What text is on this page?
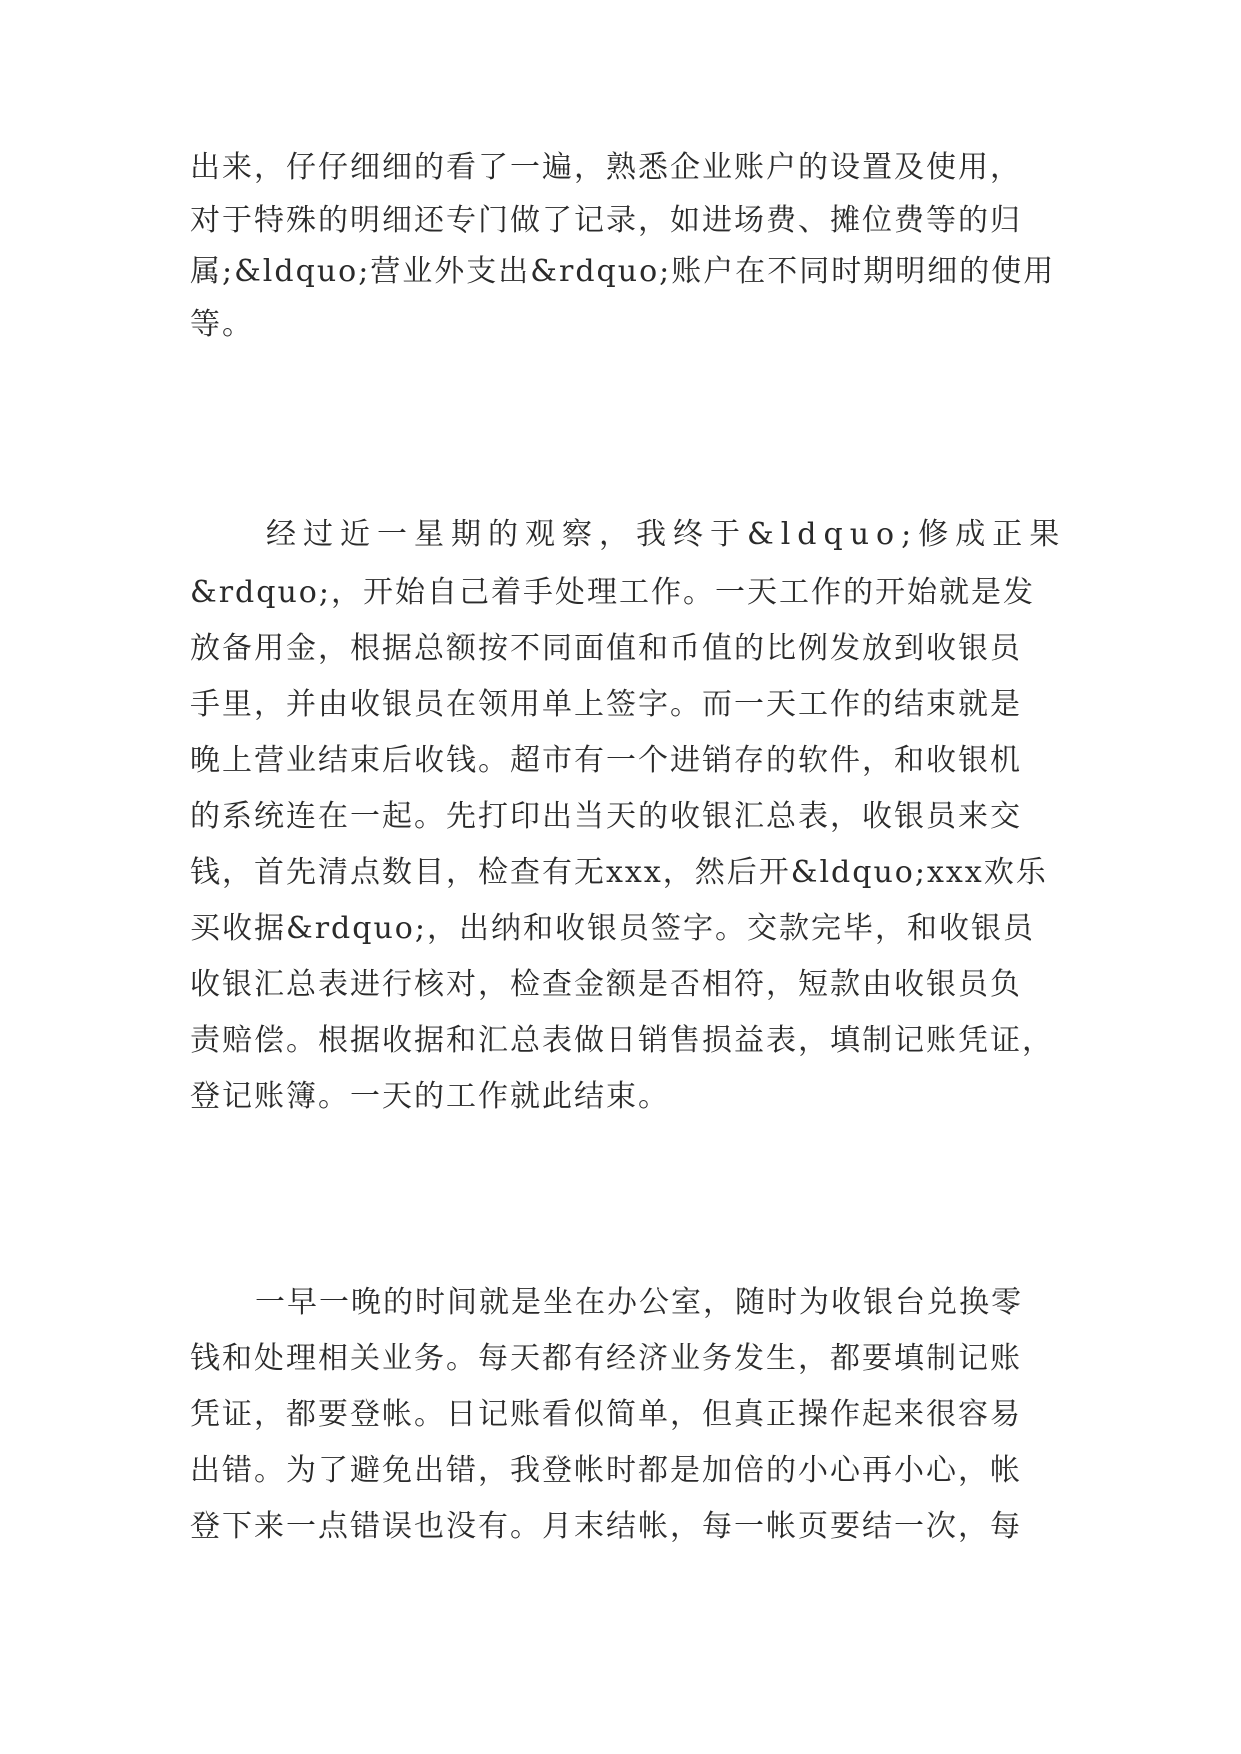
出来，仔仔细细的看了一遍，熟悉企业账户的设置及使用，
对于特殊的明细还专门做了记录，如进场费、摊位费等的归
属;&ldquo;营业外支出&rdquo;账户在不同时期明细的使用
等。
经过近一星期的观察，我终于&ldquo;修成正果
&rdquo;，开始自己着手处理工作。一天工作的开始就是发
放备用金，根据总额按不同面值和币值的比例发放到收银员
手里，并由收银员在领用单上签字。而一天工作的结束就是
晚上营业结束后收钱。超市有一个进销存的软件，和收银机
的系统连在一起。先打印出当天的收银汇总表，收银员来交
钱，首先清点数目，检查有无xxx，然后开&ldquo;xxx欢乐
买收据&rdquo;，出纳和收银员签字。交款完毕，和收银员
收银汇总表进行核对，检查金额是否相符，短款由收银员负
责赔偿。根据收据和汇总表做日销售损益表，填制记账凭证，
登记账簿。一天的工作就此结束。
一早一晚的时间就是坐在办公室，随时为收银台兑换零
钱和处理相关业务。每天都有经济业务发生，都要填制记账
凭证，都要登帐。日记账看似简单，但真正操作起来很容易
出错。为了避免出错，我登帐时都是加倍的小心再小心，帐
登下来一点错误也没有。月末结帐，每一帐页要结一次，每
